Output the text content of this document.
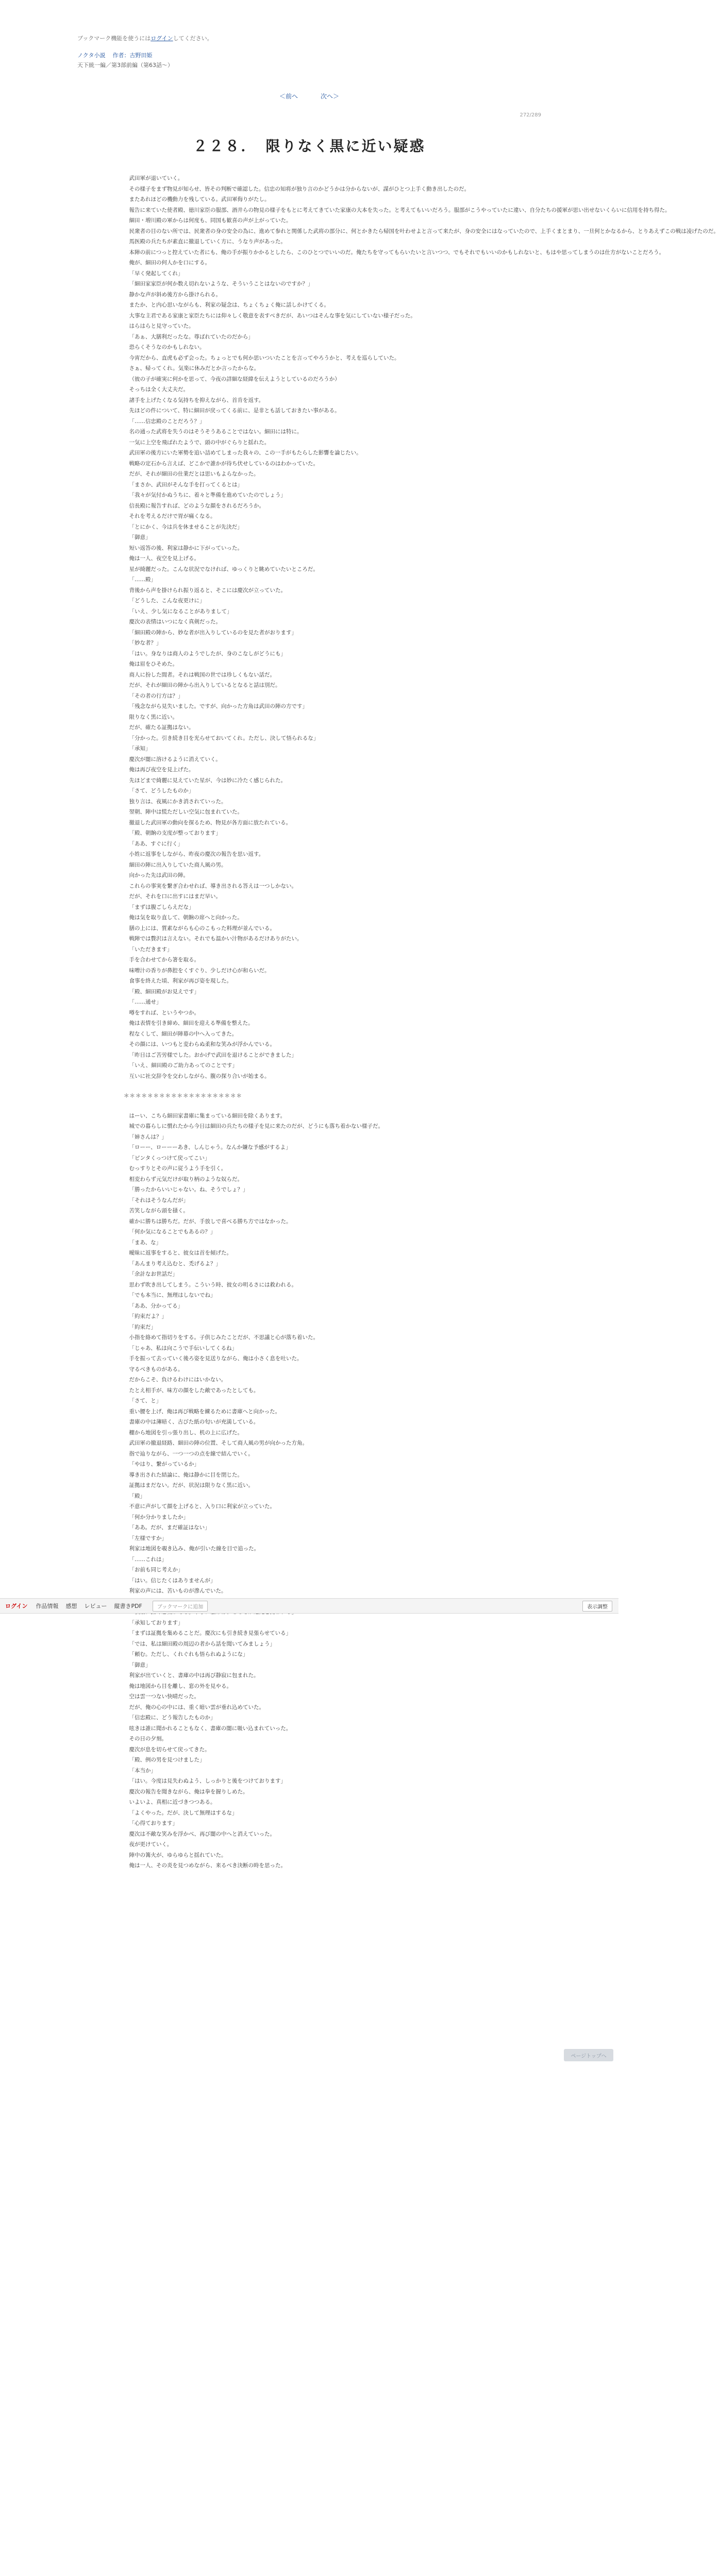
ブックマーク機能を使うにはログインしてください。
ノクタ小説 作者：古野田姫
天下統一編／第3部前編（第63話〜）
＜前へ	次へ＞
272/289
２２８．　限りなく黒に近い疑惑

武田軍が退いていく。

その様子をまず物見が知らせ、皆その判断で確認した。信忠の知将が独り言のかどうかは分からないが、謀がひとつ上手く動き出したのだ。

またあれほどの機動力を残している。武田軍侮りがたし。

報告に来ていた使者殿、徳川家臣の服部、酒井らの物見の様子をもとに考えてきていた家康の大本を失った。と考えてもいいだろう。服部がこうやっていたに違い、自分たちの援軍が思い出せないくらいに信用を持ち得た。

細田・増川殿の軍からは何度も、同国も歓喜の声が上がっていた。

民衆者の目のない所では、民衆者の身の安全の為に、進めて参れと関係した武将の部分に、何とかきたら帰国を叶わせよと言って来たが、身の安全にはなっていたので、上手くまとまり、一旦何とかなるから、とりあえずこの戦は凌げたのだ。

馬医殿の兵たちが素直に撤退していく方に、うなり声があった。

本陣の前につっと控えていた者にも、俺の手が振りかかるとしたら、このひとつでいいのだ。俺たちを守ってもらいたいと言いつつ、でもそれでもいいのかもしれないと、もはや思ってしまうのは仕方がないことだろう。

俺が、細田の何人かを口にする。

「早く発起してくれ」

「細田家家臣が何か数え切れないような、そういうことはないのですか？」

静かな声が斜め後方から掛けられる。

またか、と内心思いながらも、利家の疑念は、ちょくちょく俺に話しかけてくる。

大事な主君である家康と家臣たちには仰々しく敬意を表すべきだが、あいつはそんな事を気にしていない様子だった。

はらはらと見守っていた。

「あぁ、大膳利だったな。尊ばれていたのだから」

恐らくそうなのかもしれない。

今宵だから、直虎も必ず会った。ちょっとでも何か思いついたことを言ってやろうかと、考えを巡らしていた。

さぁ、帰ってくれ。気楽に休みだとか言ったからな。

（彼の子が確実に何かを思って、今夜の詳細な経緯を伝えようとしているのだろうか）

そっちは全く大丈夫だ。

諸手を上げたくなる気持ちを抑えながら、首肯を返す。

先ほどの件について、特に細田が戻ってくる前に、是非とも話しておきたい事がある。

「……信忠殿のことだろう？」

名の通った武将を失うのはそうそうあることではない。細田には特に。

一気に上空を飛ばれたようで、頭の中がぐらりと揺れた。

武田軍の後方にいた軍勢を追い詰めてしまった我々の、この一手がもたらした影響を論じたい。

戦略の定石から言えば、どこかで誰かが待ち伏せしているのはわかっていた。

だが、それが細田の仕業だとは思いもよらなかった。

「まさか、武田がそんな手を打ってくるとは」

「我々が気付かぬうちに、着々と準備を進めていたのでしょう」

信長殿に報告すれば、どのような顔をされるだろうか。

それを考えるだけで胃が痛くなる。

「とにかく、今は兵を休ませることが先決だ」

「御意」

短い返答の後、利家は静かに下がっていった。

俺は一人、夜空を見上げる。

星が綺麗だった。こんな状況でなければ、ゆっくりと眺めていたいところだ。

「……殿」

背後から声を掛けられ振り返ると、そこには慶次が立っていた。

「どうした、こんな夜更けに」

「いえ、少し気になることがありまして」

慶次の表情はいつになく真剣だった。

「細田殿の陣から、妙な者が出入りしているのを見た者がおります」

「妙な者？」

「はい。身なりは商人のようでしたが、身のこなしがどうにも」

俺は眉をひそめた。

商人に扮した間者。それは戦国の世では珍しくもない話だ。

だが、それが細田の陣から出入りしているとなると話は別だ。

「その者の行方は？」

「残念ながら見失いました。ですが、向かった方角は武田の陣の方です」

限りなく黒に近い。

だが、確たる証拠はない。

「分かった。引き続き目を光らせておいてくれ。ただし、決して悟られるな」

「承知」

慶次が闇に溶けるように消えていく。

俺は再び夜空を見上げた。

先ほどまで綺麗に見えていた星が、今は妙に冷たく感じられた。

「さて、どうしたものか」

独り言は、夜風にかき消されていった。

翌朝、陣中は慌ただしい空気に包まれていた。

撤退した武田軍の動向を探るため、物見が各方面に放たれている。

「殿、朝餉の支度が整っております」

「ああ、すぐに行く」

小姓に返事をしながら、昨夜の慶次の報告を思い返す。

細田の陣に出入りしていた商人風の男。

向かった先は武田の陣。

これらの事実を繋ぎ合わせれば、導き出される答えは一つしかない。

だが、それを口に出すにはまだ早い。

「まずは腹ごしらえだな」

俺は気を取り直して、朝餉の席へと向かった。

膳の上には、質素ながらも心のこもった料理が並んでいる。

戦陣では贅沢は言えない。それでも温かい汁物があるだけありがたい。

「いただきます」

手を合わせてから箸を取る。

味噌汁の香りが鼻腔をくすぐり、少しだけ心が和らいだ。

食事を終えた頃、利家が再び姿を現した。

「殿、細田殿がお見えです」

「……通せ」

噂をすれば、というやつか。

俺は表情を引き締め、細田を迎える準備を整えた。

程なくして、細田が陣幕の中へ入ってきた。

その顔には、いつもと変わらぬ柔和な笑みが浮かんでいる。

「昨日はご苦労様でした。おかげで武田を退けることができました」

「いえ、細田殿のご助力あってのことです」

互いに社交辞令を交わしながら、腹の探り合いが始まる。

＊＊＊＊＊＊＊＊＊＊＊＊＊＊＊＊＊＊＊＊

はーい、こちら細田家書庫に集まっている細田を除くあります。

城での暮らしに慣れたから今日は細田の兵たちの様子を見に来たのだが、どうにも落ち着かない様子だ。

「姉さんは？」

「ローー、ローーーあき、しんじゃう。なんか嫌な予感がするよ」

「ピンタくっつけて戻ってこい」

むっすりとその声に従うよう手を引く。

相変わらず元気だけが取り柄のような奴らだ。

「勝ったからいいじゃない。ね、そうでしょ？」

「それはそうなんだが」

苦笑しながら頭を掻く。

確かに勝ちは勝ちだ。だが、手放しで喜べる勝ち方ではなかった。

「何か気になることでもあるの？」

「まあ、な」

曖昧に返事をすると、彼女は首を傾げた。

「あんまり考え込むと、禿げるよ？」

「余計なお世話だ」

思わず吹き出してしまう。こういう時、彼女の明るさには救われる。

「でも本当に、無理はしないでね」

「ああ、分かってる」

「約束だよ？」

「約束だ」

小指を絡めて指切りをする。子供じみたことだが、不思議と心が落ち着いた。

「じゃあ、私は向こうで手伝いしてくるね」

手を振って去っていく後ろ姿を見送りながら、俺は小さく息を吐いた。

守るべきものがある。

だからこそ、負けるわけにはいかない。

たとえ相手が、味方の顔をした敵であったとしても。

「さて、と」

重い腰を上げ、俺は再び戦略を練るために書庫へと向かった。

書庫の中は薄暗く、古びた紙の匂いが充満している。

棚から地図を引っ張り出し、机の上に広げた。

武田軍の撤退経路、細田の陣の位置、そして商人風の男が向かった方角。

指で辿りながら、一つ一つの点を線で結んでいく。

「やはり、繋がっているか」

導き出された結論に、俺は静かに目を閉じた。

証拠はまだない。だが、状況は限りなく黒に近い。

「殿」

不意に声がして顔を上げると、入り口に利家が立っていた。

「何か分かりましたか」

「ああ。だが、まだ確証はない」

「左様ですか」

利家は地図を覗き込み、俺が引いた線を目で追った。

「……これは」

「お前も同じ考えか」

「はい。信じたくはありませんが」

利家の声には、苦いものが滲んでいた。

「承知しております」

「まずは証拠を集めることだ。慶次にも引き続き見張らせている」

「では、私は細田殿の周辺の者から話を聞いてみましょう」

「頼む。ただし、くれぐれも悟られぬようにな」

「御意」

利家が出ていくと、書庫の中は再び静寂に包まれた。

俺は地図から目を離し、窓の外を見やる。

空は雲一つない快晴だった。

だが、俺の心の中には、重く暗い雲が垂れ込めていた。

「信忠殿に、どう報告したものか」

呟きは誰に聞かれることもなく、書庫の闇に吸い込まれていった。

その日の夕刻。

慶次が息を切らせて戻ってきた。

「殿、例の男を見つけました」

「本当か」

「はい。今度は見失わぬよう、しっかりと後をつけております」

慶次の報告を聞きながら、俺は拳を握りしめた。

いよいよ、真相に近づきつつある。

「よくやった。だが、決して無理はするな」

「心得ております」

慶次は不敵な笑みを浮かべ、再び闇の中へと消えていった。

夜が更けていく。

陣中の篝火が、ゆらゆらと揺れていた。

俺は一人、その炎を見つめながら、来るべき決断の時を思った。

ログイン 作品情報 感想 レビュー 縦書きPDF	ブックマークに追加	表示調整
ページトップへ
